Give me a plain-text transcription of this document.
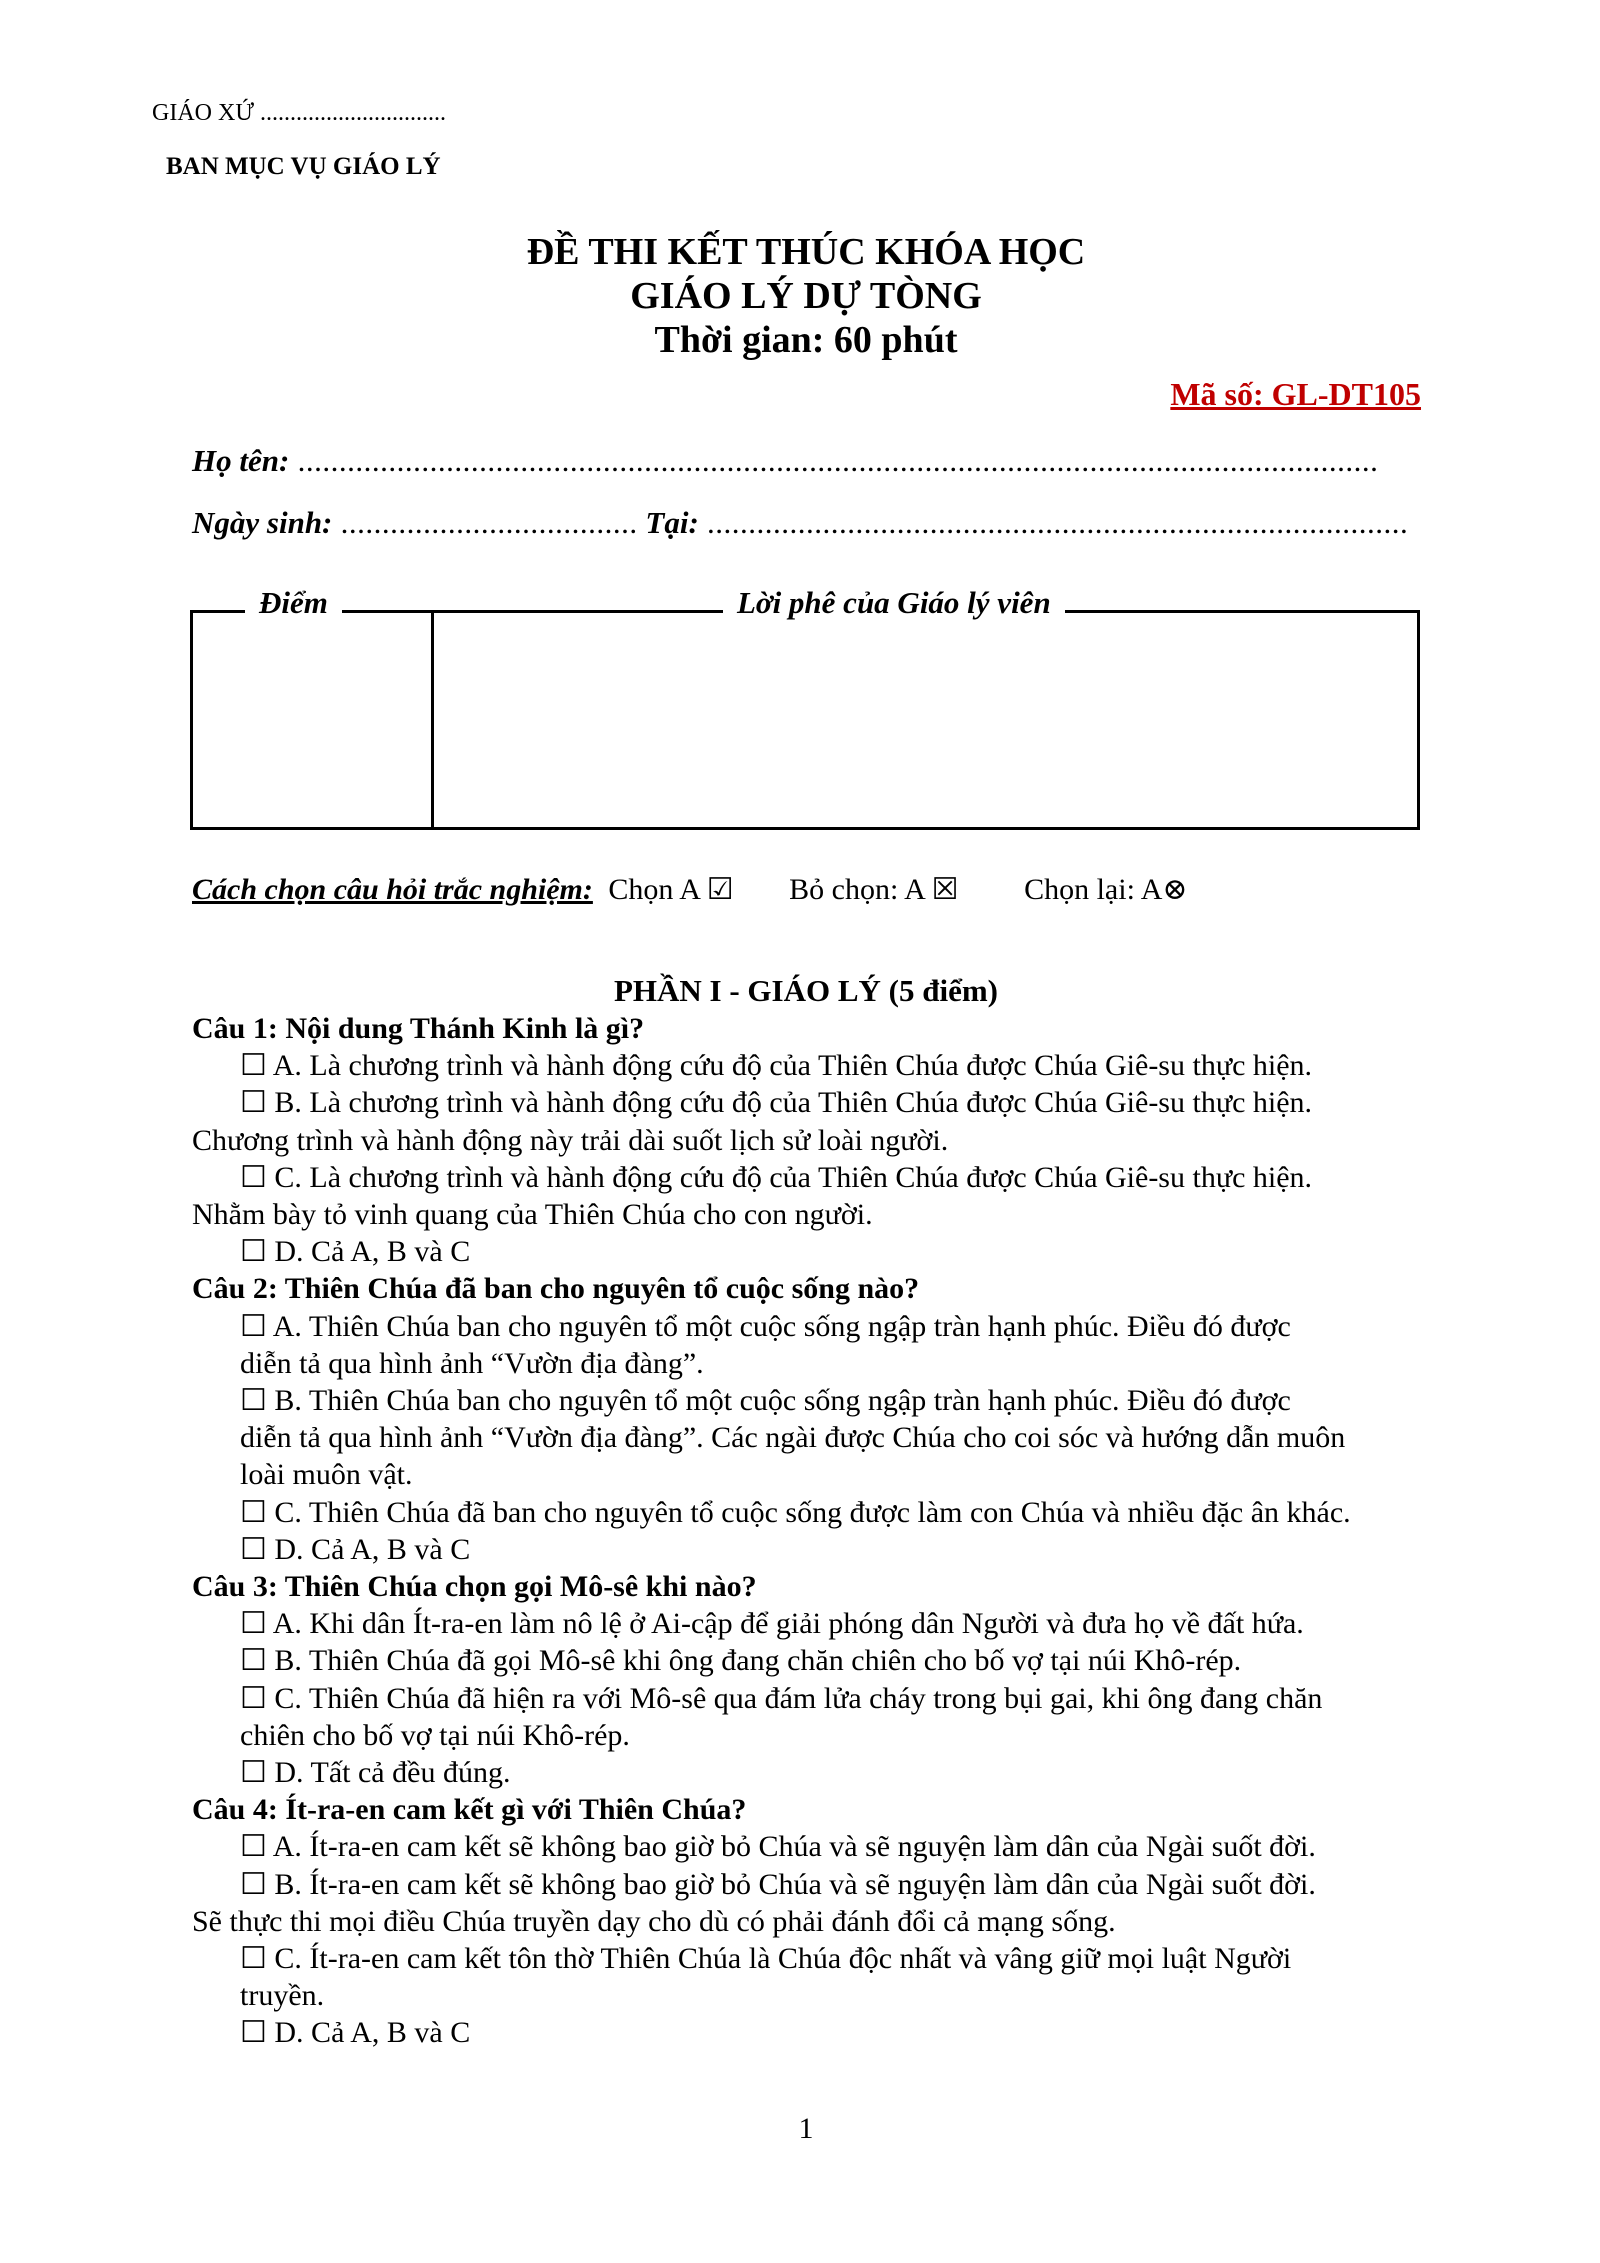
GIÁO XỨ ...............................
BAN MỤC VỤ GIÁO LÝ
ĐỀ THI KẾT THÚC KHÓA HỌC
GIÁO LÝ DỰ TÒNG
Thời gian: 60 phút
Mã số: GL-DT105
Họ tên: ...................................................................................................................................
Ngày sinh: .................................... Tại: .....................................................................................
Điểm	Lời phê của Giáo lý viên
Cách chọn câu hỏi trắc nghiệm: Chọn A ☑ Bỏ chọn: A ☒ Chọn lại: A⊗
PHẦN I - GIÁO LÝ (5 điểm)
Câu 1: Nội dung Thánh Kinh là gì?
☐ A. Là chương trình và hành động cứu độ của Thiên Chúa được Chúa Giê-su thực hiện.
☐ B. Là chương trình và hành động cứu độ của Thiên Chúa được Chúa Giê-su thực hiện.
Chương trình và hành động này trải dài suốt lịch sử loài người.
☐ C. Là chương trình và hành động cứu độ của Thiên Chúa được Chúa Giê-su thực hiện.
Nhằm bày tỏ vinh quang của Thiên Chúa cho con người.
☐ D. Cả A, B và C
Câu 2: Thiên Chúa đã ban cho nguyên tổ cuộc sống nào?
☐ A. Thiên Chúa ban cho nguyên tổ một cuộc sống ngập tràn hạnh phúc. Điều đó được
diễn tả qua hình ảnh “Vườn địa đàng”.
☐ B. Thiên Chúa ban cho nguyên tổ một cuộc sống ngập tràn hạnh phúc. Điều đó được
diễn tả qua hình ảnh “Vườn địa đàng”. Các ngài được Chúa cho coi sóc và hướng dẫn muôn
loài muôn vật.
☐ C. Thiên Chúa đã ban cho nguyên tổ cuộc sống được làm con Chúa và nhiều đặc ân khác.
☐ D. Cả A, B và C
Câu 3: Thiên Chúa chọn gọi Mô-sê khi nào?
☐ A. Khi dân Ít-ra-en làm nô lệ ở Ai-cập để giải phóng dân Người và đưa họ về đất hứa.
☐ B. Thiên Chúa đã gọi Mô-sê khi ông đang chăn chiên cho bố vợ tại núi Khô-rép.
☐ C. Thiên Chúa đã hiện ra với Mô-sê qua đám lửa cháy trong bụi gai, khi ông đang chăn
chiên cho bố vợ tại núi Khô-rép.
☐ D. Tất cả đều đúng.
Câu 4: Ít-ra-en cam kết gì với Thiên Chúa?
☐ A. Ít-ra-en cam kết sẽ không bao giờ bỏ Chúa và sẽ nguyện làm dân của Ngài suốt đời.
☐ B. Ít-ra-en cam kết sẽ không bao giờ bỏ Chúa và sẽ nguyện làm dân của Ngài suốt đời.
Sẽ thực thi mọi điều Chúa truyền dạy cho dù có phải đánh đổi cả mạng sống.
☐ C. Ít-ra-en cam kết tôn thờ Thiên Chúa là Chúa độc nhất và vâng giữ mọi luật Người
truyền.
☐ D. Cả A, B và C
1
